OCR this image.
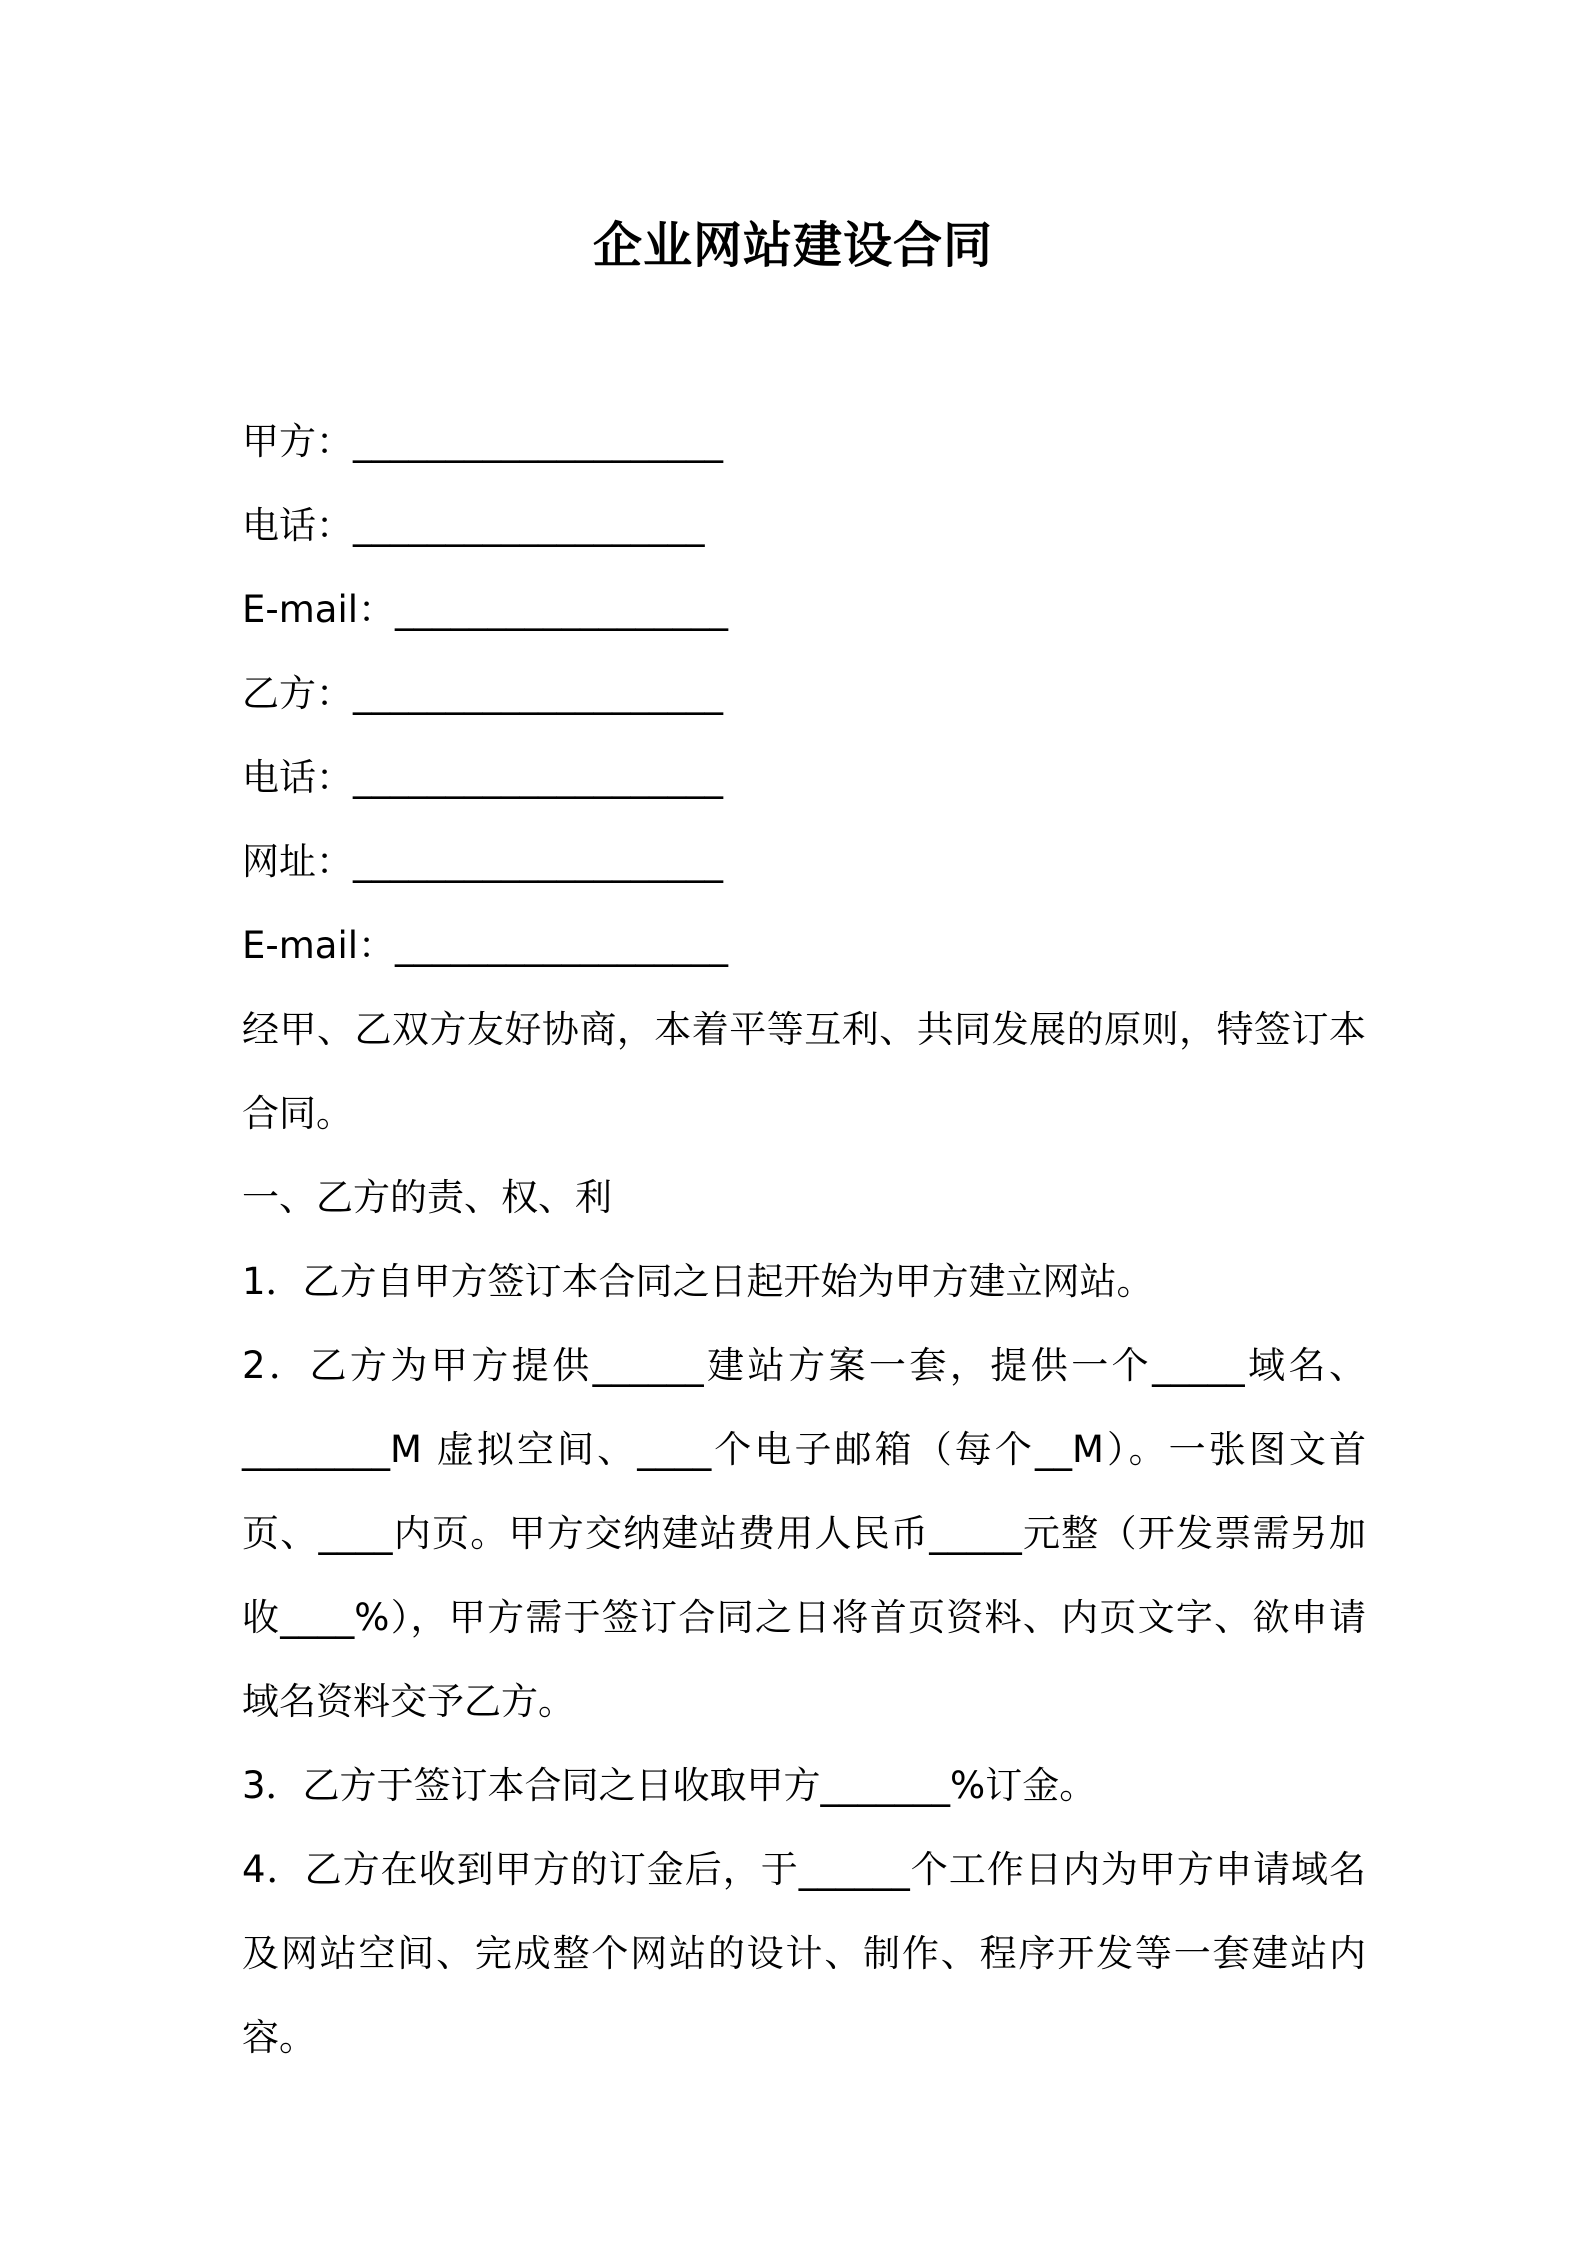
企业网站建设合同
甲方：____________________
电话：___________________
E-mail：__________________
乙方：____________________
电话：____________________
网址：____________________
E-mail：__________________
经甲、乙双方友好协商，本着平等互利、共同发展的原则，特签订本合同。
一、乙方的责、权、利
1．乙方自甲方签订本合同之日起开始为甲方建立网站。
2．乙方为甲方提供______建站方案一套，提供一个_____域名、________M 虚拟空间、____个电子邮箱（每个__M）。一张图文首页、____内页。甲方交纳建站费用人民币_____元整（开发票需另加收____%），甲方需于签订合同之日将首页资料、内页文字、欲申请域名资料交予乙方。
3．乙方于签订本合同之日收取甲方_______%订金。
4．乙方在收到甲方的订金后，于______个工作日内为甲方申请域名及网站空间、完成整个网站的设计、制作、程序开发等一套建站内容。
